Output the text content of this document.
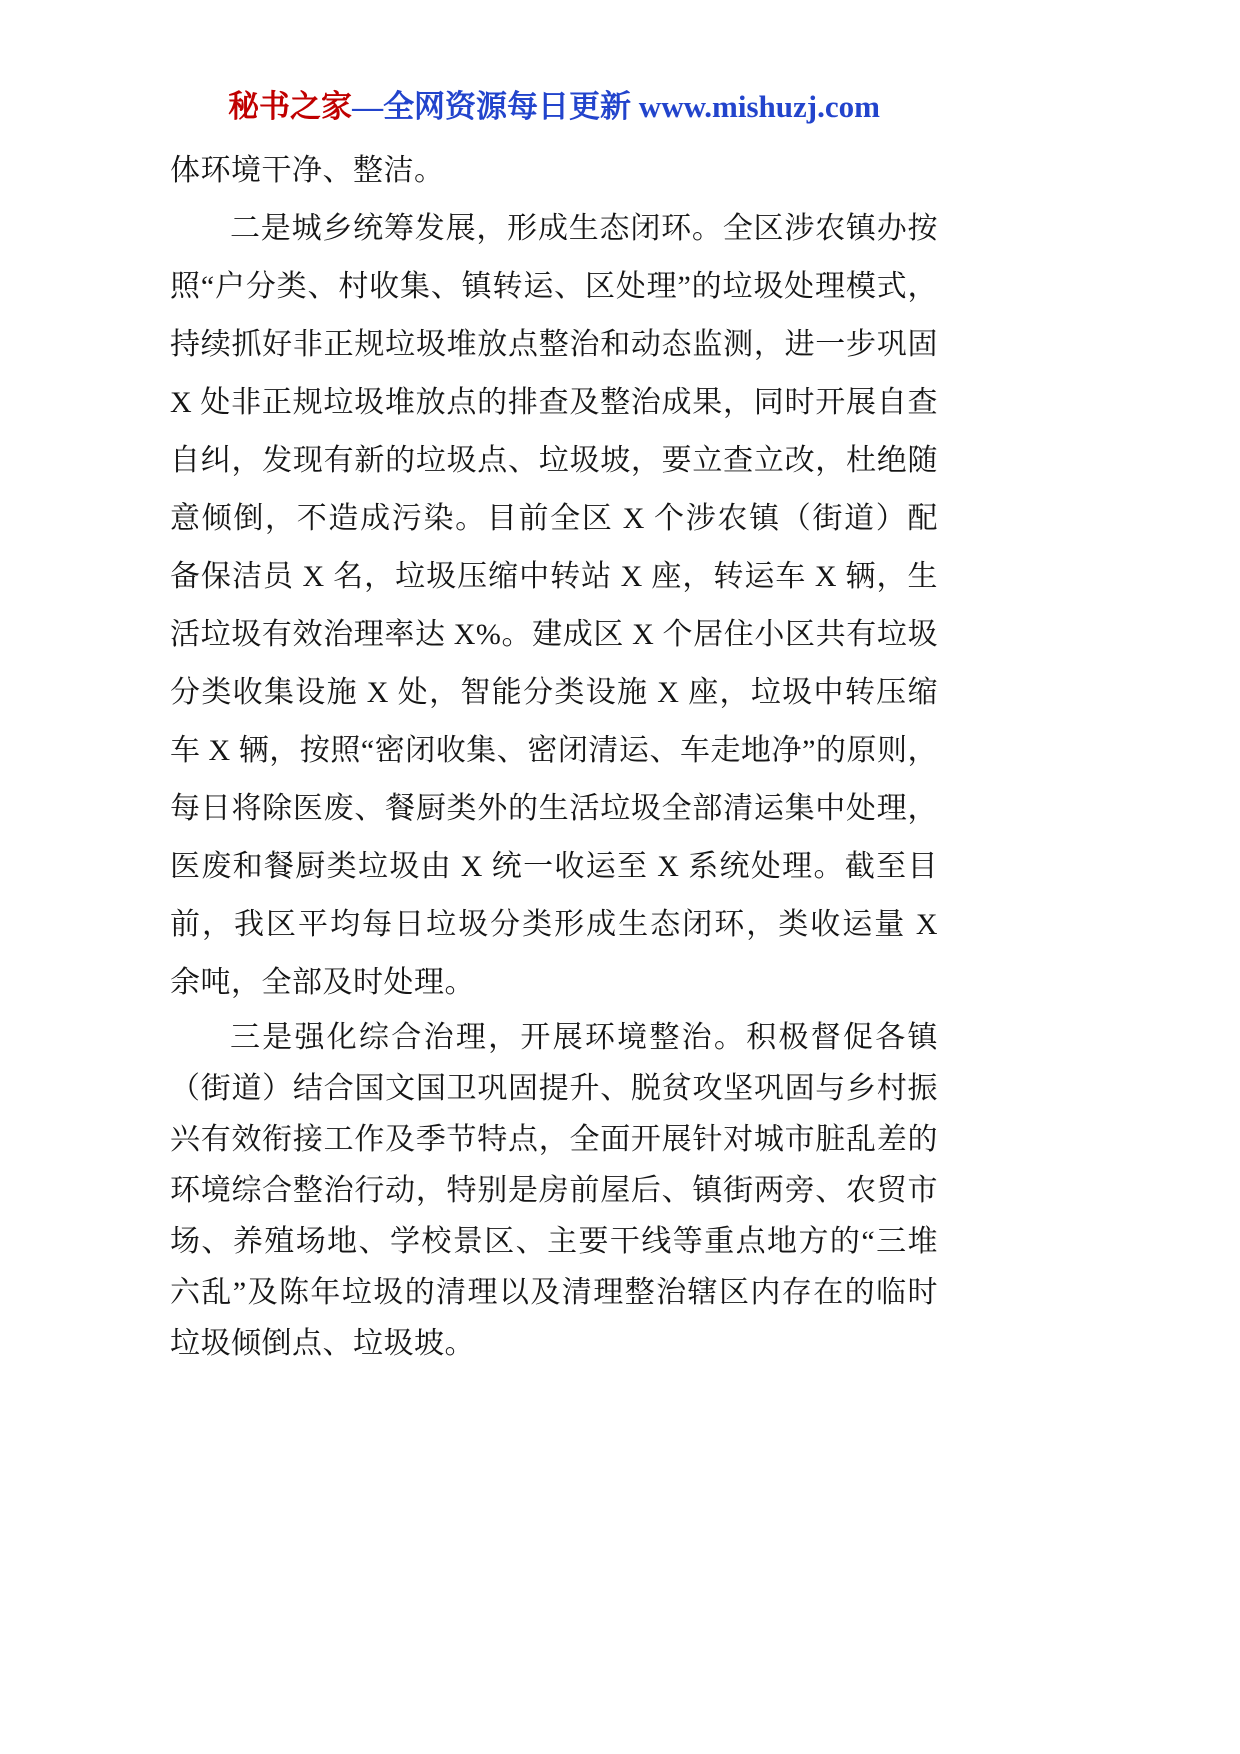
秘书之家—全网资源每日更新 www.mishuzj.com

体环境干净、整洁。

二是城乡统筹发展，形成生态闭环。全区涉农镇办按照“户分类、村收集、镇转运、区处理”的垃圾处理模式，持续抓好非正规垃圾堆放点整治和动态监测，进一步巩固 X 处非正规垃圾堆放点的排查及整治成果，同时开展自查自纠，发现有新的垃圾点、垃圾坡，要立查立改，杜绝随意倾倒，不造成污染。目前全区 X 个涉农镇（街道）配备保洁员 X 名，垃圾压缩中转站 X 座，转运车 X 辆，生活垃圾有效治理率达 X%。建成区 X 个居住小区共有垃圾分类收集设施 X 处，智能分类设施 X 座，垃圾中转压缩车 X 辆，按照“密闭收集、密闭清运、车走地净”的原则，每日将除医废、餐厨类外的生活垃圾全部清运集中处理，医废和餐厨类垃圾由 X 统一收运至 X 系统处理。截至目前，我区平均每日垃圾分类形成生态闭环，类收运量 X 余吨，全部及时处理。

三是强化综合治理，开展环境整治。积极督促各镇（街道）结合国文国卫巩固提升、脱贫攻坚巩固与乡村振兴有效衔接工作及季节特点，全面开展针对城市脏乱差的环境综合整治行动，特别是房前屋后、镇街两旁、农贸市场、养殖场地、学校景区、主要干线等重点地方的“三堆六乱”及陈年垃圾的清理以及清理整治辖区内存在的临时垃圾倾倒点、垃圾坡。
